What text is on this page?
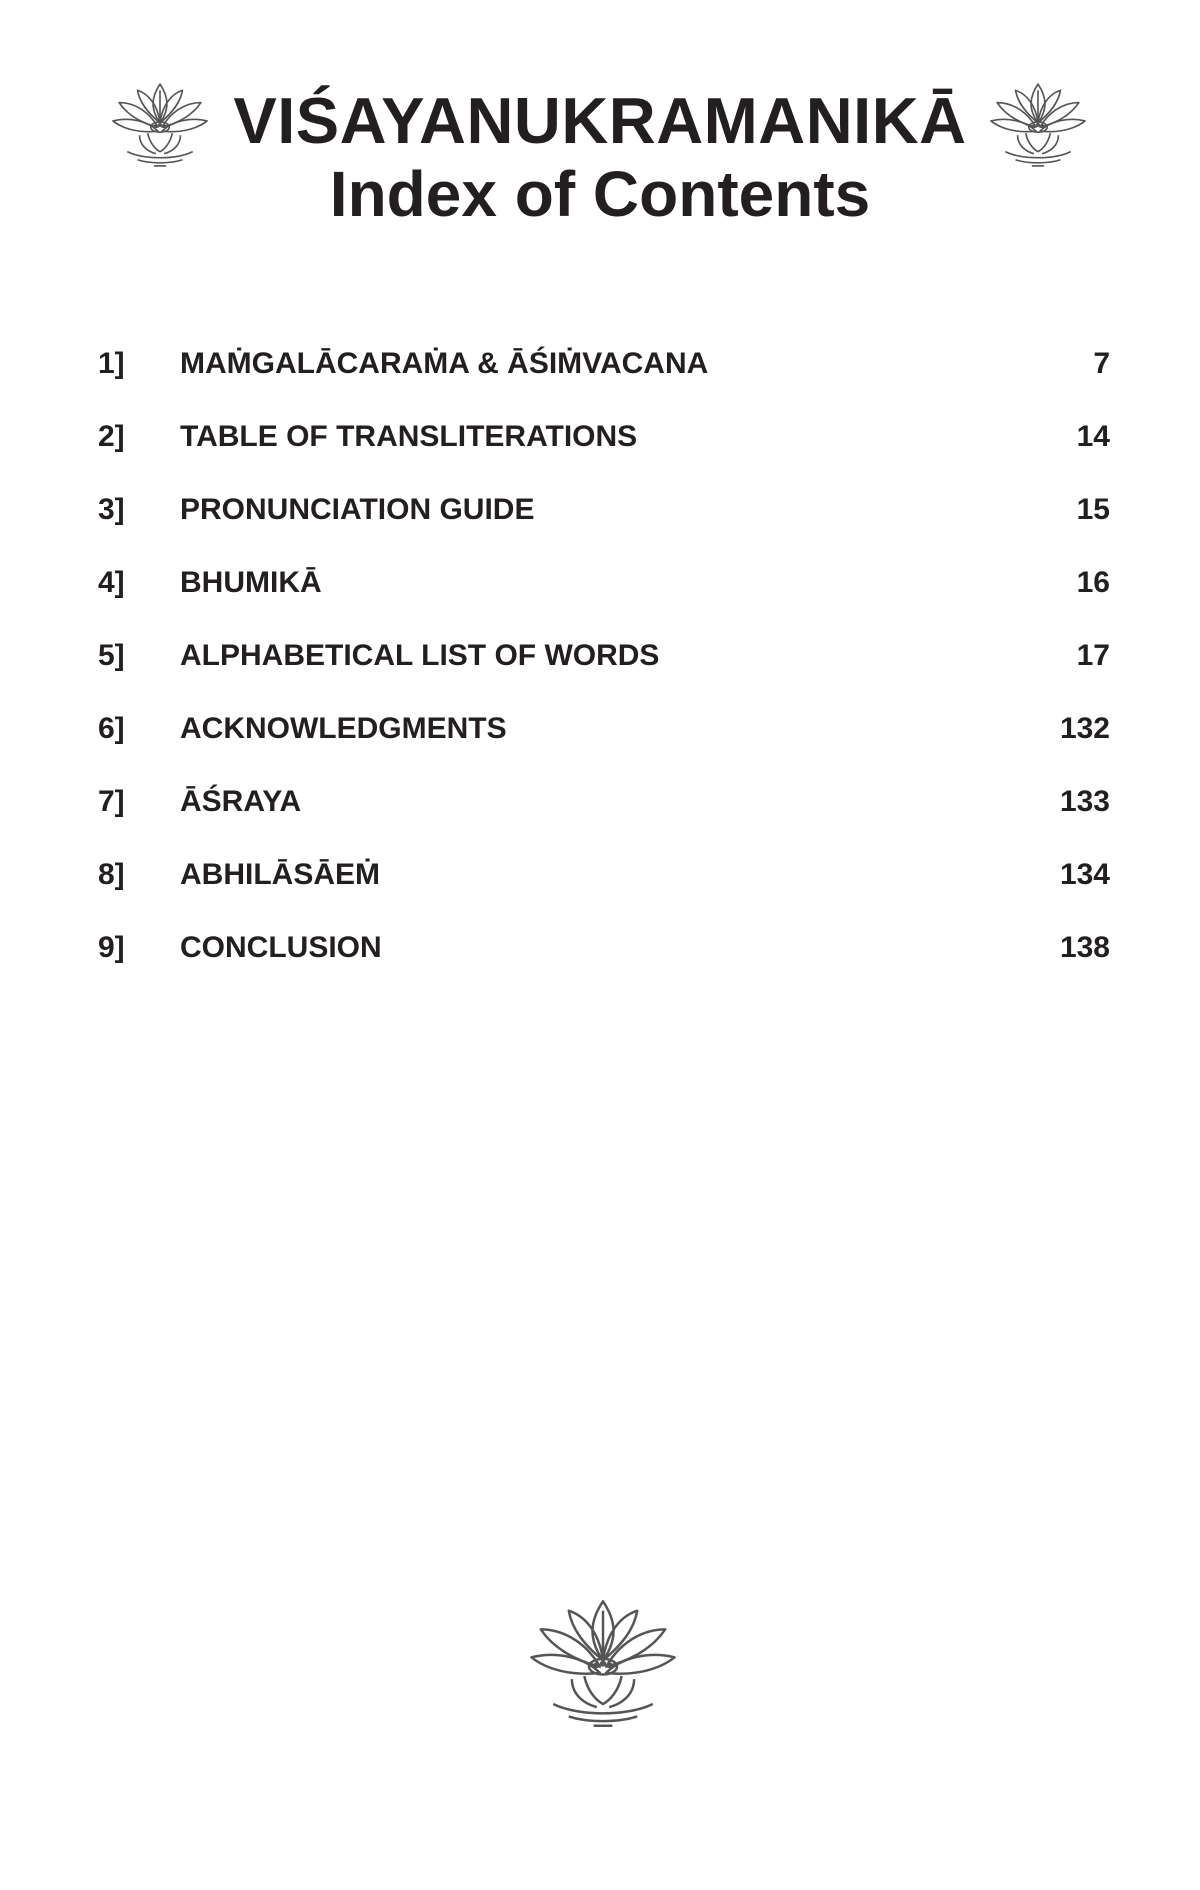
VIŚAYANUKRAMANIKĀ
Index of Contents
1] MAṀGALĀCARAṀA & ĀŚIṀVACANA	7
2] TABLE OF TRANSLITERATIONS	14
3] PRONUNCIATION GUIDE	15
4] BHUMIKĀ	16
5] ALPHABETICAL LIST OF WORDS	17
6] ACKNOWLEDGMENTS	132
7] ĀŚRAYA	133
8] ABHILĀSĀEṀ	134
9] CONCLUSION	138
